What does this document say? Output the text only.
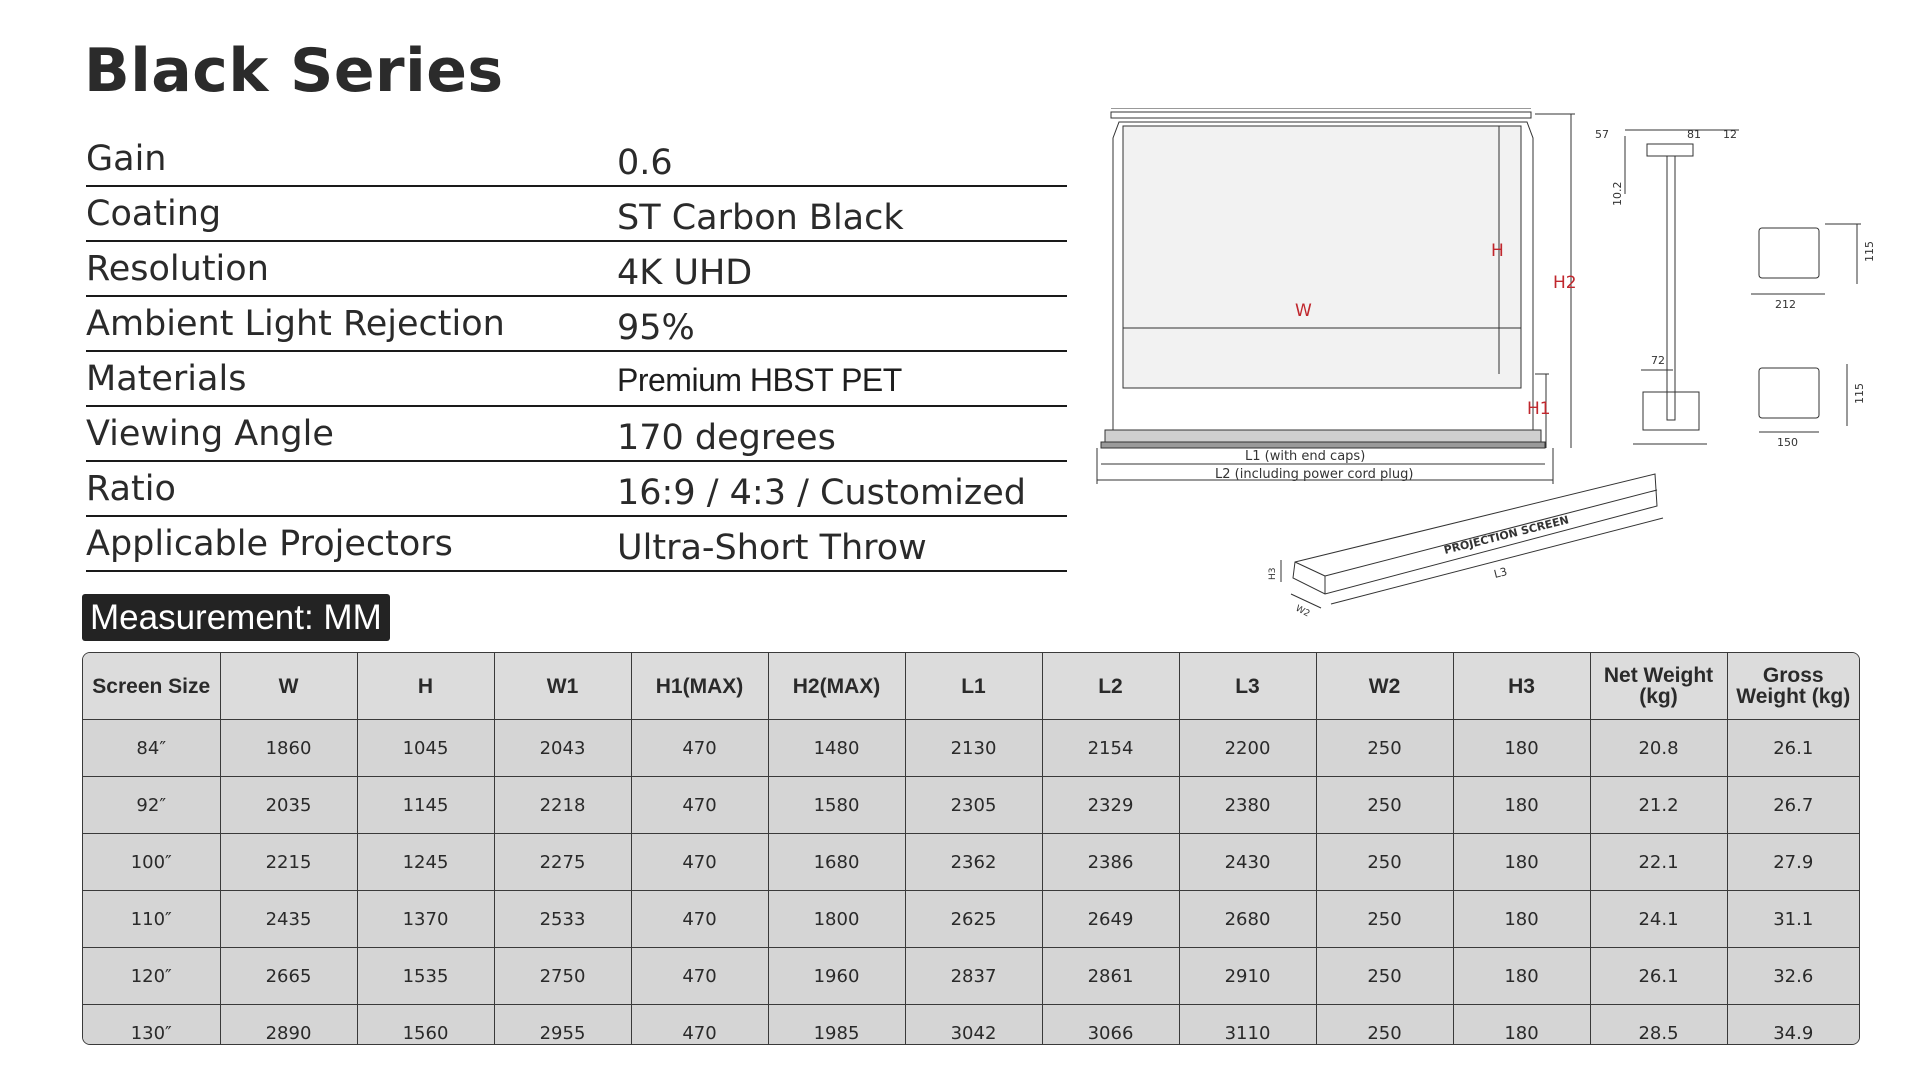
Black Series
Gain	0.6
Coating	ST Carbon Black
Resolution	4K UHD
Ambient Light Rejection	95%
Materials	Premium HBST PET
Viewing Angle	170 degrees
Ratio	16:9 / 4:3 / Customized
Applicable Projectors	Ultra-Short Throw
H
H2
W
H1
L1 (with end caps)
L2 (including power cord plug)
57	81 12
10.2
72
115
212
115
150
PROJECTION SCREEN
L3
H3
W2
Measurement: MM
Screen Size	W	H	W1	H1(MAX)	H2(MAX)	L1	L2	L3	W2	H3	Net Weight (kg)	Gross Weight (kg)
84″	1860	1045	2043	470	1480	2130	2154	2200	250	180	20.8	26.1
92″	2035	1145	2218	470	1580	2305	2329	2380	250	180	21.2	26.7
100″	2215	1245	2275	470	1680	2362	2386	2430	250	180	22.1	27.9
110″	2435	1370	2533	470	1800	2625	2649	2680	250	180	24.1	31.1
120″	2665	1535	2750	470	1960	2837	2861	2910	250	180	26.1	32.6
130″	2890	1560	2955	470	1985	3042	3066	3110	250	180	28.5	34.9
